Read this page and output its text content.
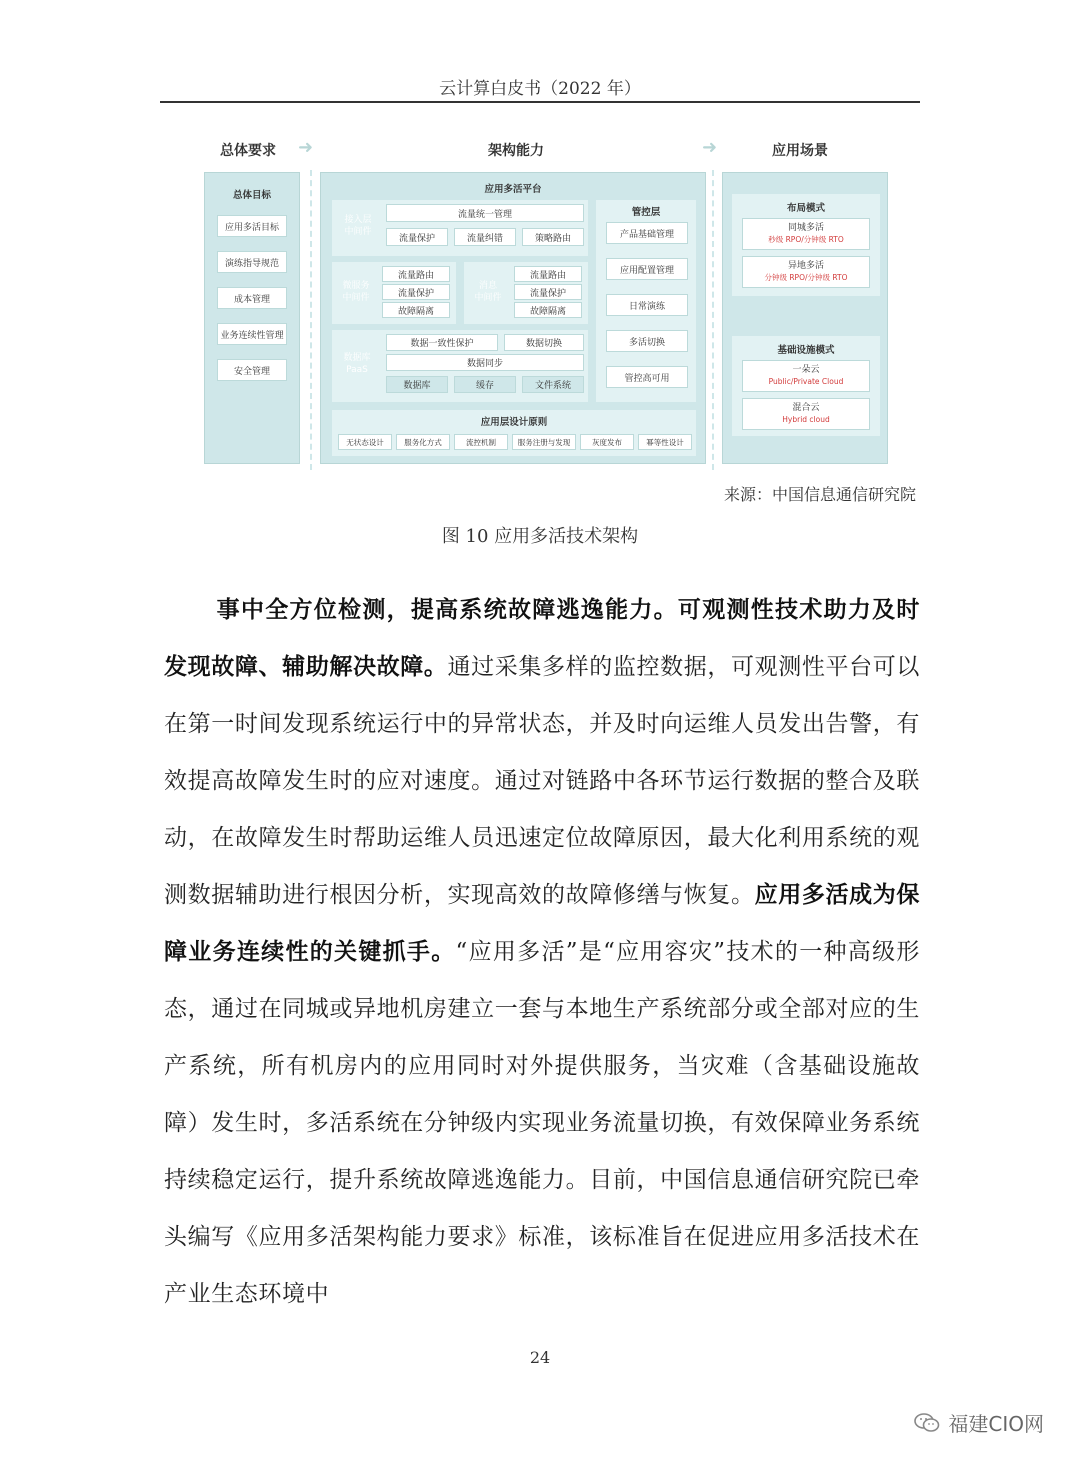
云计算白皮书（2022 年）
总体要求 ➜	架构能力	➜	应用场景
总体目标
应用多活目标
演练指导规范
成本管理
业务连续性管理
安全管理
应用多活平台
接入层
中间件
流量统一管理
流量保护	流量纠错	策略路由
微服务
中间件
流量路由
流量保护
故障隔离
消息
中间件
流量路由
流量保护
故障隔离
数据库
PaaS
数据一致性保护	数据切换
数据同步
数据库	缓存	文件系统
管控层
产品基础管理
应用配置管理
日常演练
多活切换
管控高可用
应用层设计原则
无状态设计	服务化方式	流控机制	服务注册与发现	灰度发布	幂等性设计
布局模式
同城多活
秒级 RPO/分钟级 RTO
异地多活
分钟级 RPO/分钟级 RTO
基础设施模式
一朵云
Public/Private Cloud
混合云
Hybrid cloud
来源：中国信息通信研究院
图 10 应用多活技术架构
事中全方位检测，提高系统故障逃逸能力。可观测性技术助力及时发现故障、辅助解决故障。通过采集多样的监控数据，可观测性平台可以在第一时间发现系统运行中的异常状态，并及时向运维人员发出告警，有效提高故障发生时的应对速度。通过对链路中各环节运行数据的整合及联动，在故障发生时帮助运维人员迅速定位故障原因，最大化利用系统的观测数据辅助进行根因分析，实现高效的故障修缮与恢复。应用多活成为保障业务连续性的关键抓手。“应用多活”是“应用容灾”技术的一种高级形态，通过在同城或异地机房建立一套与本地生产系统部分或全部对应的生产系统，所有机房内的应用同时对外提供服务，当灾难（含基础设施故障）发生时，多活系统在分钟级内实现业务流量切换，有效保障业务系统持续稳定运行，提升系统故障逃逸能力。目前，中国信息通信研究院已牵头编写《应用多活架构能力要求》标准，该标准旨在促进应用多活技术在产业生态环境中
24
福建CIO网
